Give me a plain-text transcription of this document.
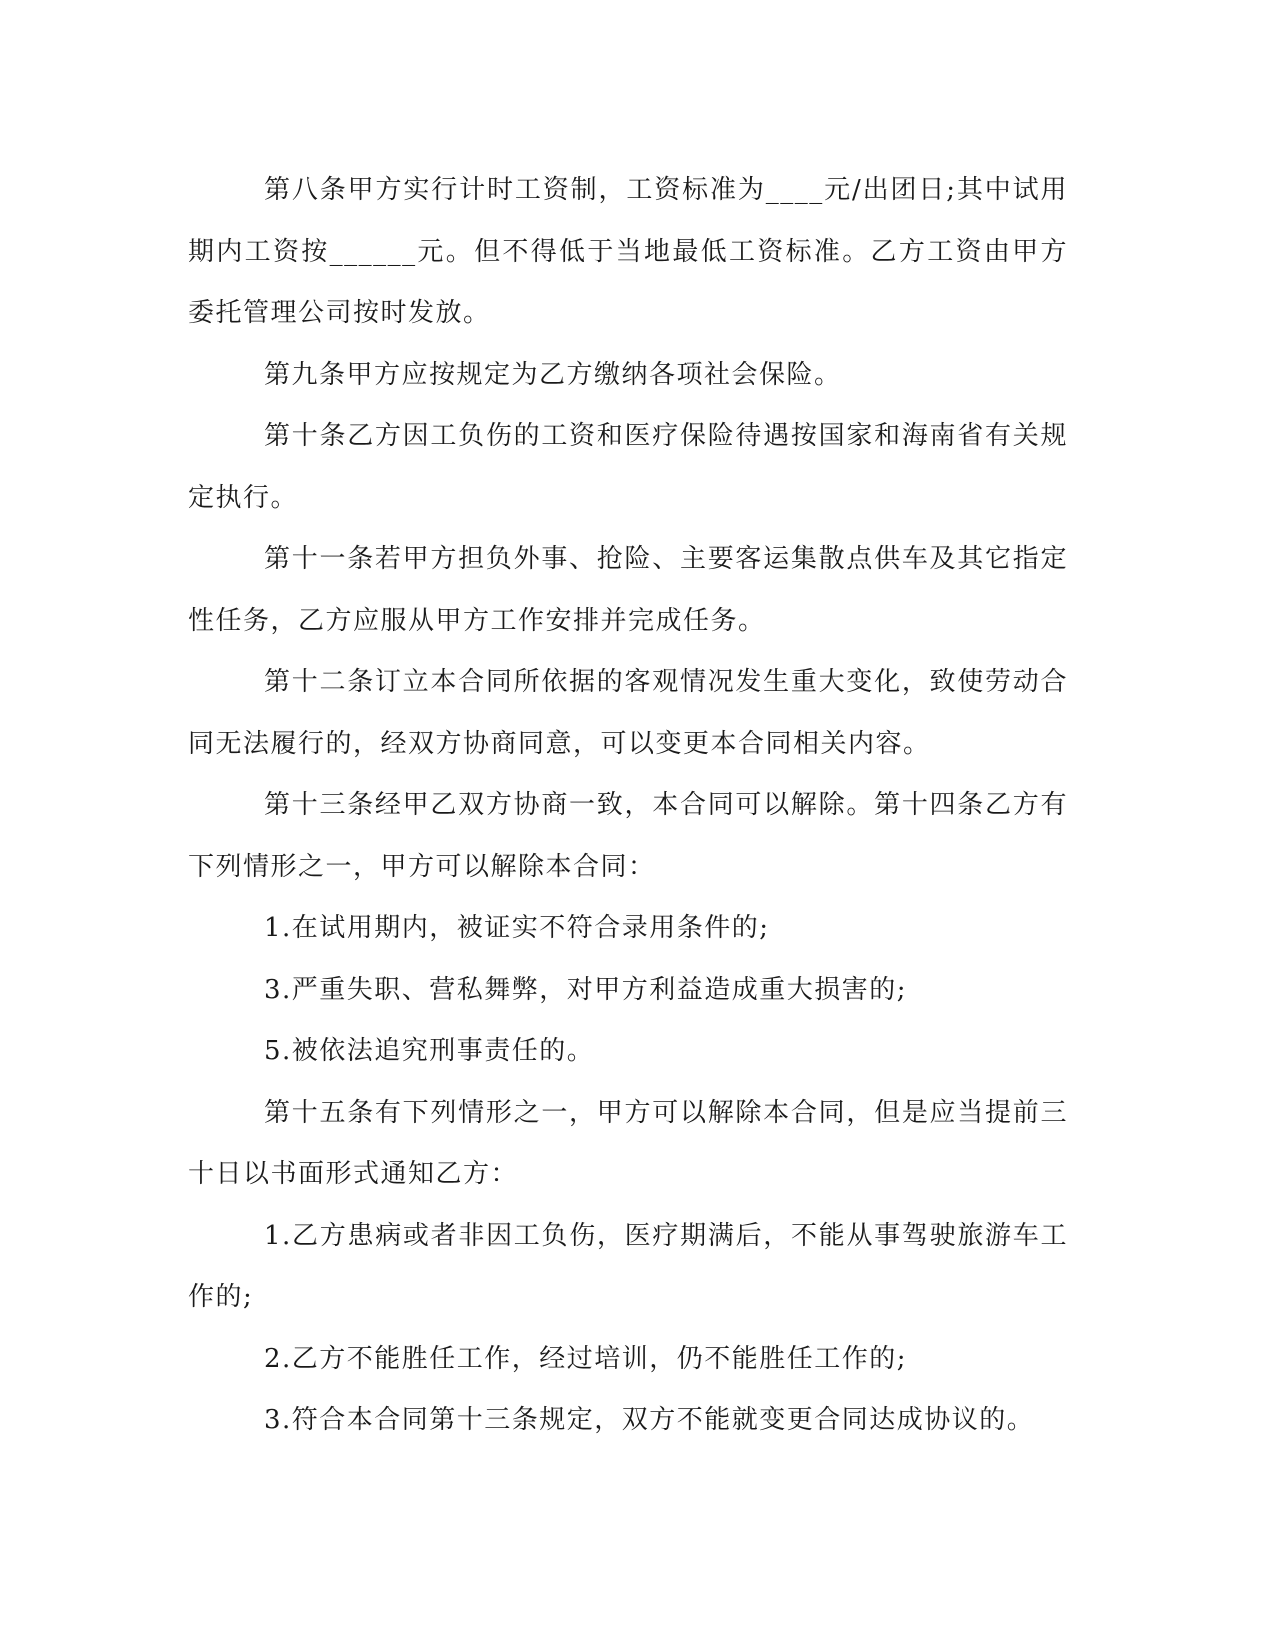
第八条甲方实行计时工资制，工资标准为____元/出团日;其中试用期内工资按______元。但不得低于当地最低工资标准。乙方工资由甲方委托管理公司按时发放。

第九条甲方应按规定为乙方缴纳各项社会保险。

第十条乙方因工负伤的工资和医疗保险待遇按国家和海南省有关规定执行。

第十一条若甲方担负外事、抢险、主要客运集散点供车及其它指定性任务，乙方应服从甲方工作安排并完成任务。

第十二条订立本合同所依据的客观情况发生重大变化，致使劳动合同无法履行的，经双方协商同意，可以变更本合同相关内容。

第十三条经甲乙双方协商一致，本合同可以解除。第十四条乙方有下列情形之一，甲方可以解除本合同：

1.在试用期内，被证实不符合录用条件的;

3.严重失职、营私舞弊，对甲方利益造成重大损害的;

5.被依法追究刑事责任的。

第十五条有下列情形之一，甲方可以解除本合同，但是应当提前三十日以书面形式通知乙方：

1.乙方患病或者非因工负伤，医疗期满后，不能从事驾驶旅游车工作的;

2.乙方不能胜任工作，经过培训，仍不能胜任工作的;

3.符合本合同第十三条规定，双方不能就变更合同达成协议的。
